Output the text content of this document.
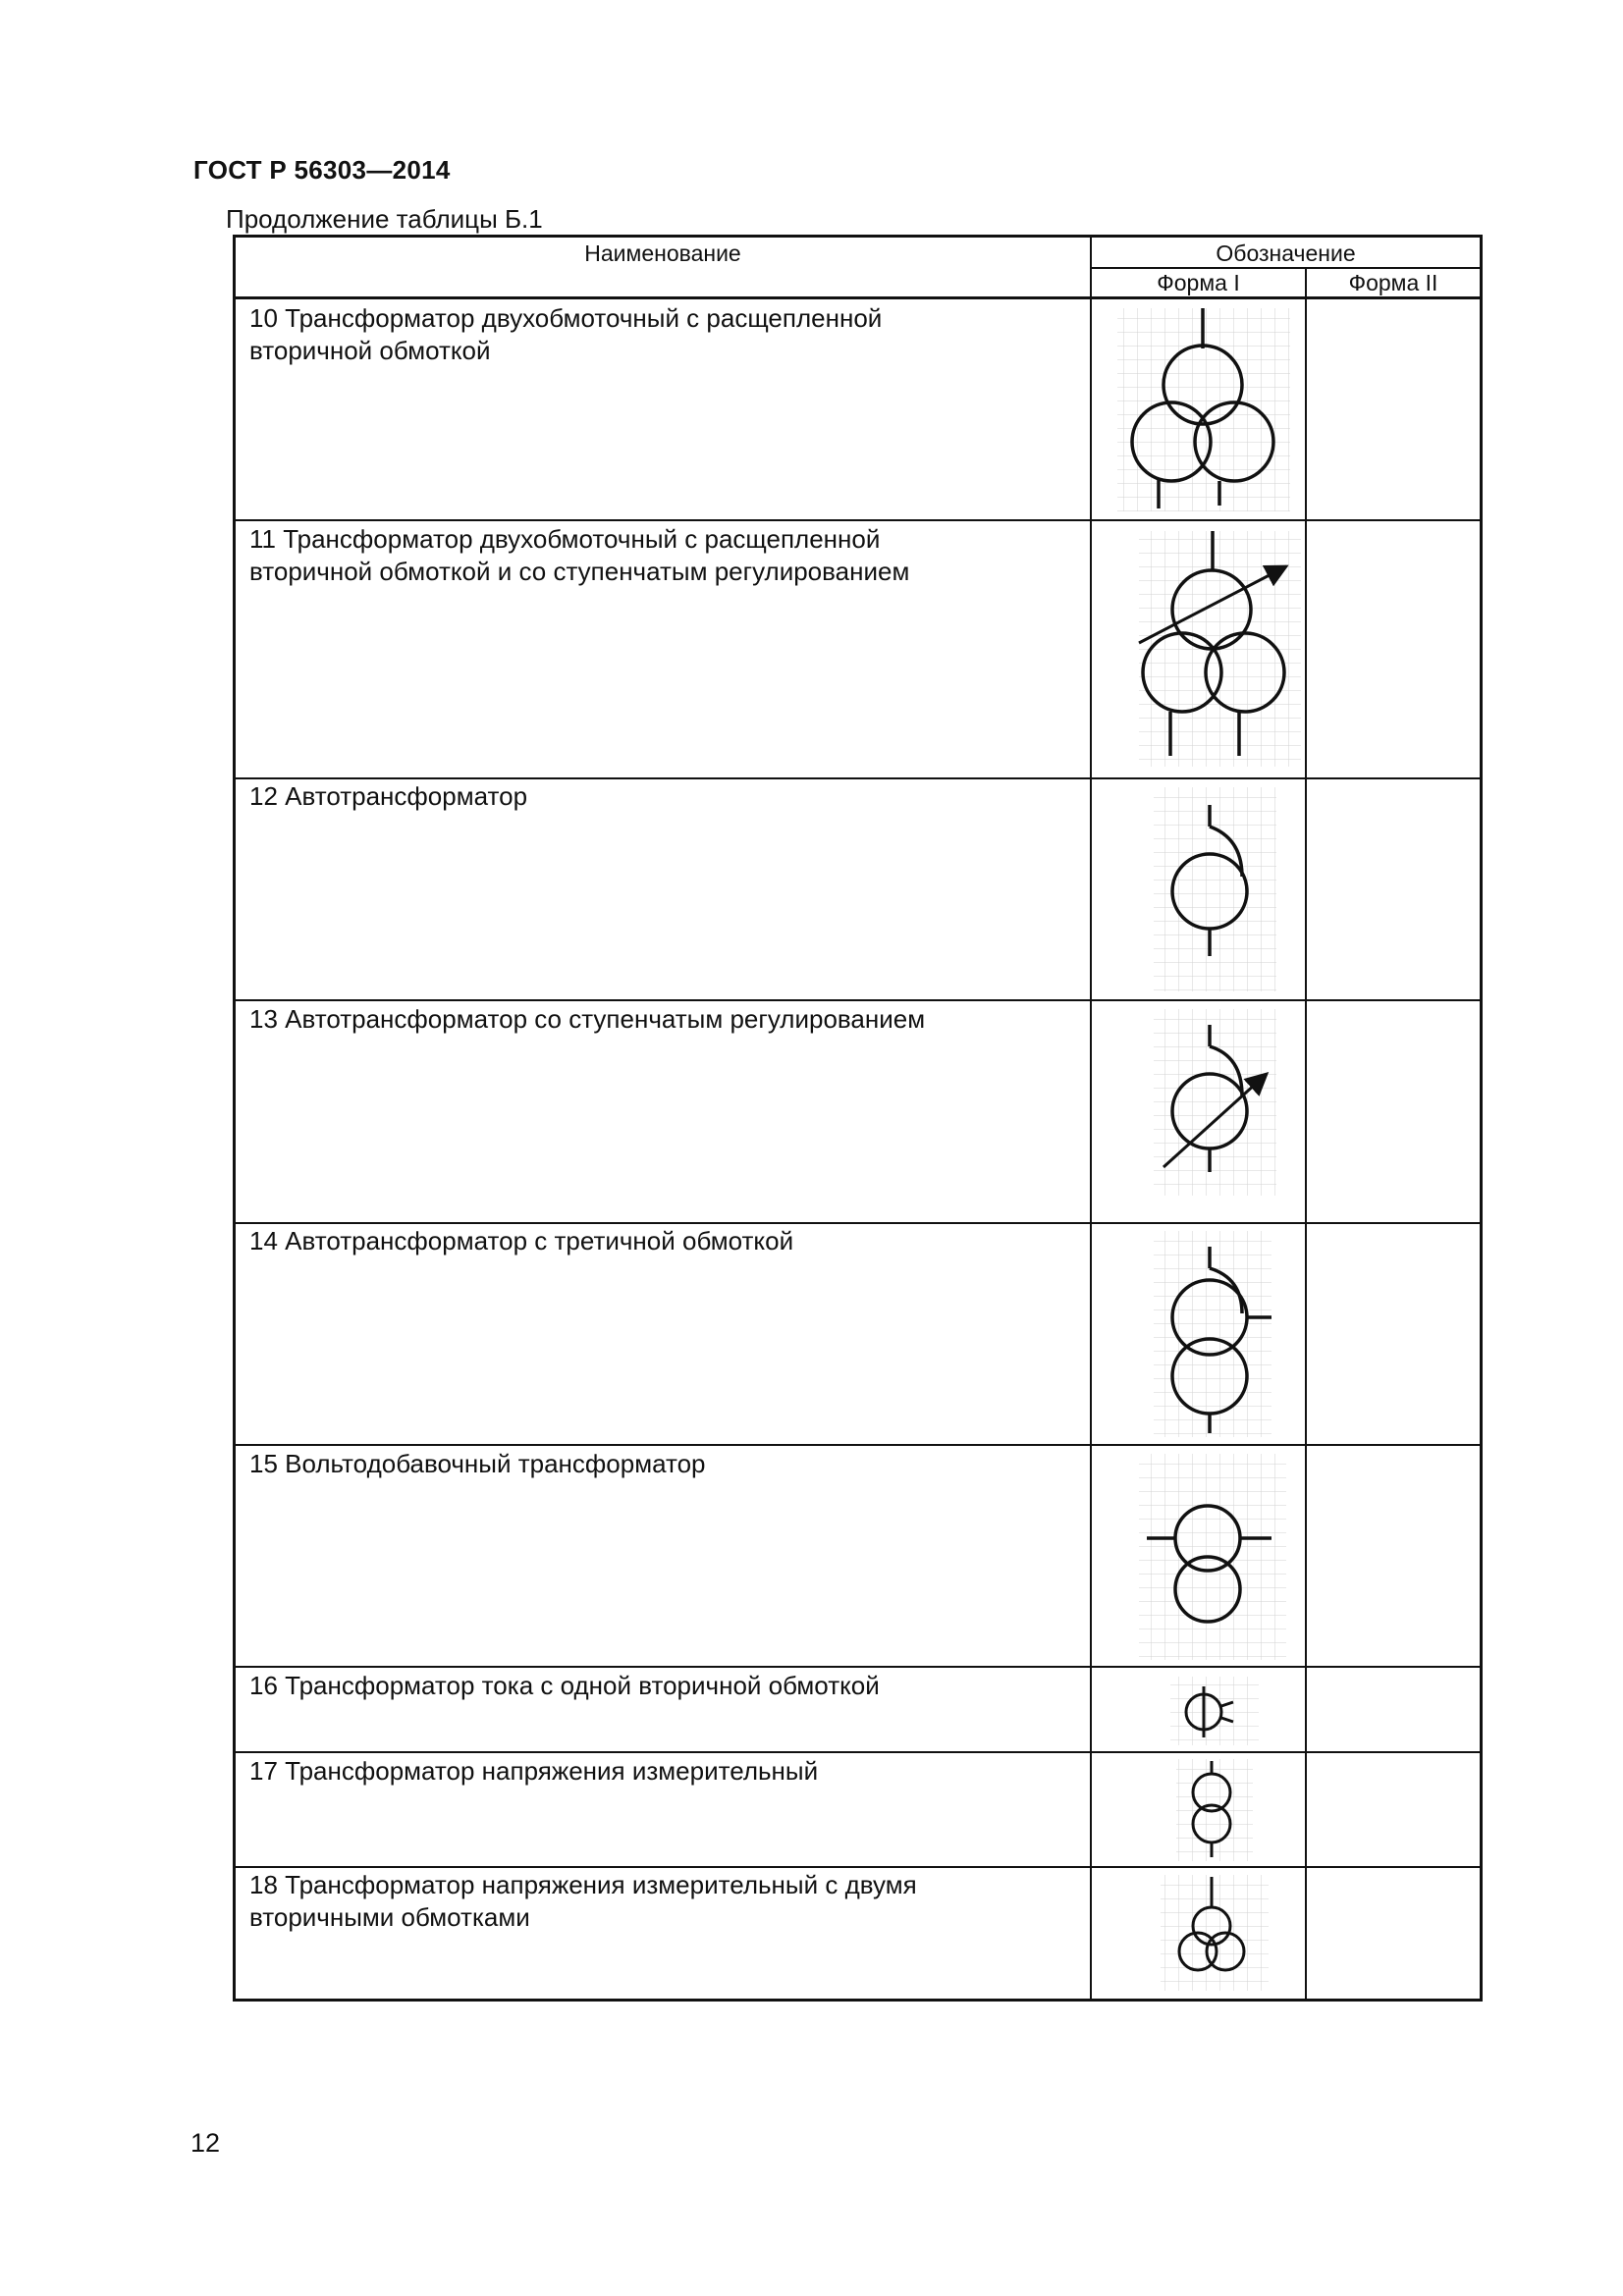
ГОСТ Р 56303—2014
Продолжение таблицы Б.1
Наименование	Обозначение
Форма I	Форма II
10 Трансформатор двухобмоточный с расщепленной
вторичной обмоткой
11 Трансформатор двухобмоточный с расщепленной
вторичной обмоткой и со ступенчатым регулированием
12 Автотрансформатор
13 Автотрансформатор со ступенчатым регулированием
14 Автотрансформатор с третичной обмоткой
15 Вольтодобавочный трансформатор
16 Трансформатор тока с одной вторичной обмоткой
17 Трансформатор напряжения измерительный
18 Трансформатор напряжения измерительный с двумя
вторичными обмотками
12
